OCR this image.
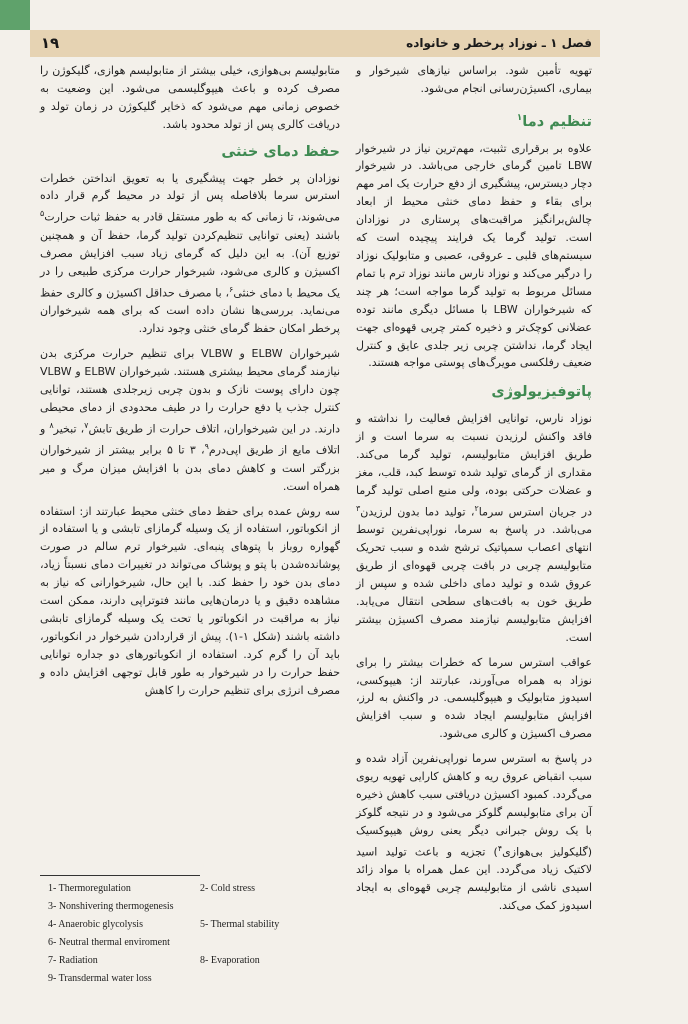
۱۹	فصل ۱ ـ نوزاد پرخطر و خانواده

تهویه تأمین شود. براساس نیازهای شیرخوار و بیماری، اکسیژن‌رسانی انجام می‌شود.

تنظیم دما$^۱$

علاوه بر برقراری تثبیت، مهم‌ترین نیاز در شیرخوار LBW تامین گرمای خارجی می‌باشد. در شیرخوار دچار دیسترس، پیشگیری از دفع حرارت یک امر مهم برای بقاء و حفظ دمای خنثی محیط از ابعاد چالش‌برانگیز مراقبت‌های پرستاری در نوزادان است. تولید گرما یک فرایند پیچیده است که سیستم‌های قلبی ـ عروقی، عصبی و متابولیک نوزاد را درگیر می‌کند و نوزاد نارس مانند نوزاد ترم با تمام مسائل مربوط به تولید گرما مواجه است؛ هر چند که شیرخواران LBW با مسائل دیگری مانند توده عضلانی کوچک‌تر و ذخیره کمتر چربی قهوه‌ای جهت ایجاد گرما، نداشتن چربی زیر جلدی عایق و کنترل ضعیف رفلکسی مویرگ‌های پوستی مواجه هستند.

پاتوفیزیولوژی

نوزاد نارس، توانایی افزایش فعالیت را نداشته و فاقد واکنش لرزیدن نسبت به سرما است و از طریق افزایش متابولیسم، تولید گرما می‌کند. مقداری از گرمای تولید شده توسط کبد، قلب، مغز و عضلات حرکتی بوده، ولی منبع اصلی تولید گرما در جریان استرس سرما$^۲$، تولید دما بدون لرزیدن$^۳$ می‌باشد. در پاسخ به سرما، نوراپی‌نفرین توسط انتهای اعصاب سمپاتیک ترشح شده و سبب تحریک متابولیسم چربی در بافت چربی قهوه‌ای از طریق عروق شده و تولید دمای داخلی شده و سپس از طریق خون به بافت‌های سطحی انتقال می‌یابد. افزایش متابولیسم نیازمند مصرف اکسیژن بیشتر است.

عواقب استرس سرما که خطرات بیشتر را برای نوزاد به همراه می‌آورند، عبارتند از: هیپوکسی، اسیدوز متابولیک و هیپوگلیسمی. در واکنش به لرز، افزایش متابولیسم ایجاد شده و سبب افزایش مصرف اکسیژن و کالری می‌شود.

در پاسخ به استرس سرما نوراپی‌نفرین آزاد شده و سبب انقباض عروق ریه و کاهش کارایی تهویه ریوی می‌گردد. کمبود اکسیژن دریافتی سبب کاهش ذخیره آن برای متابولیسم گلوکز می‌شود و در نتیجه گلوکز با یک روش جبرانی دیگر یعنی روش هیپوکسیک (گلیکولیز بی‌هوازی$^۴$) تجزیه و باعث تولید اسید لاکتیک زیاد می‌گردد. این عمل همراه با مواد زائد اسیدی ناشی از متابولیسم چربی قهوه‌ای به ایجاد اسیدوز کمک می‌کند.

متابولیسم بی‌هوازی، خیلی بیشتر از متابولیسم هوازی، گلیکوژن را مصرف کرده و باعث هیپوگلیسمی می‌شود. این وضعیت به خصوص زمانی مهم می‌شود که ذخایر گلیکوژن در زمان تولد و دریافت کالری پس از تولد محدود باشد.

حفظ دمای خنثی

نوزادان پر خطر جهت پیشگیری یا به تعویق انداختن خطرات استرس سرما بلافاصله پس از تولد در محیط گرم قرار داده می‌شوند، تا زمانی که به طور مستقل قادر به حفظ ثبات حرارت$^۵$ باشند (یعنی توانایی تنظیم‌کردن تولید گرما، حفظ آن و همچنین توزیع آن). به این دلیل که گرمای زیاد سبب افزایش مصرف اکسیژن و کالری می‌شود، شیرخوار حرارت مرکزی طبیعی را در یک محیط با دمای خنثی$^۶$، با مصرف حداقل اکسیژن و کالری حفظ می‌نماید. بررسی‌ها نشان داده است که برای همه شیرخواران پرخطر امکان حفظ گرمای خنثی وجود ندارد.

شیرخواران ELBW و VLBW برای تنظیم حرارت مرکزی بدن نیازمند گرمای محیط بیشتری هستند. شیرخواران ELBW و VLBW چون دارای پوست نازک و بدون چربی زیرجلدی هستند، توانایی کنترل جذب یا دفع حرارت را در طیف محدودی از دمای محیطی دارند. در این شیرخواران، اتلاف حرارت از طریق تابش$^۷$، تبخیر$^۸$ و اتلاف مایع از طریق اپی‌درم$^۹$، ۳ تا ۵ برابر بیشتر از شیرخواران بزرگتر است و کاهش دمای بدن با افزایش میزان مرگ و میر همراه است.

سه روش عمده برای حفظ دمای خنثی محیط عبارتند از: استفاده از انکوباتور، استفاده از یک وسیله گرمازای تابشی و یا استفاده از گهواره روباز با پتوهای پنبه‌ای. شیرخوار ترم سالم در صورت پوشانده‌شدن با پتو و پوشاک می‌تواند در تغییرات دمای نسبتاً زیاد، دمای بدن خود را حفظ کند. با این حال، شیرخوارانی که نیاز به مشاهده دقیق و یا درمان‌هایی مانند فتوتراپی دارند، ممکن است نیاز به مراقبت در انکوباتور یا تحت یک وسیله گرمازای تابشی داشته باشند (شکل ۱-۱). پیش از قراردادن شیرخوار در انکوباتور، باید آن را گرم کرد. استفاده از انکوباتورهای دو جداره توانایی حفظ حرارت را در شیرخوار به طور قابل توجهی افزایش داده و مصرف انرژی برای تنظیم حرارت را کاهش

1- Thermoregulation
3- Nonshivering thermogenesis
4- Anaerobic glycolysis
6- Neutral thermal enviroment
7- Radiation
9- Transdermal water loss
2- Cold stress

5- Thermal stability

8- Evaporation
